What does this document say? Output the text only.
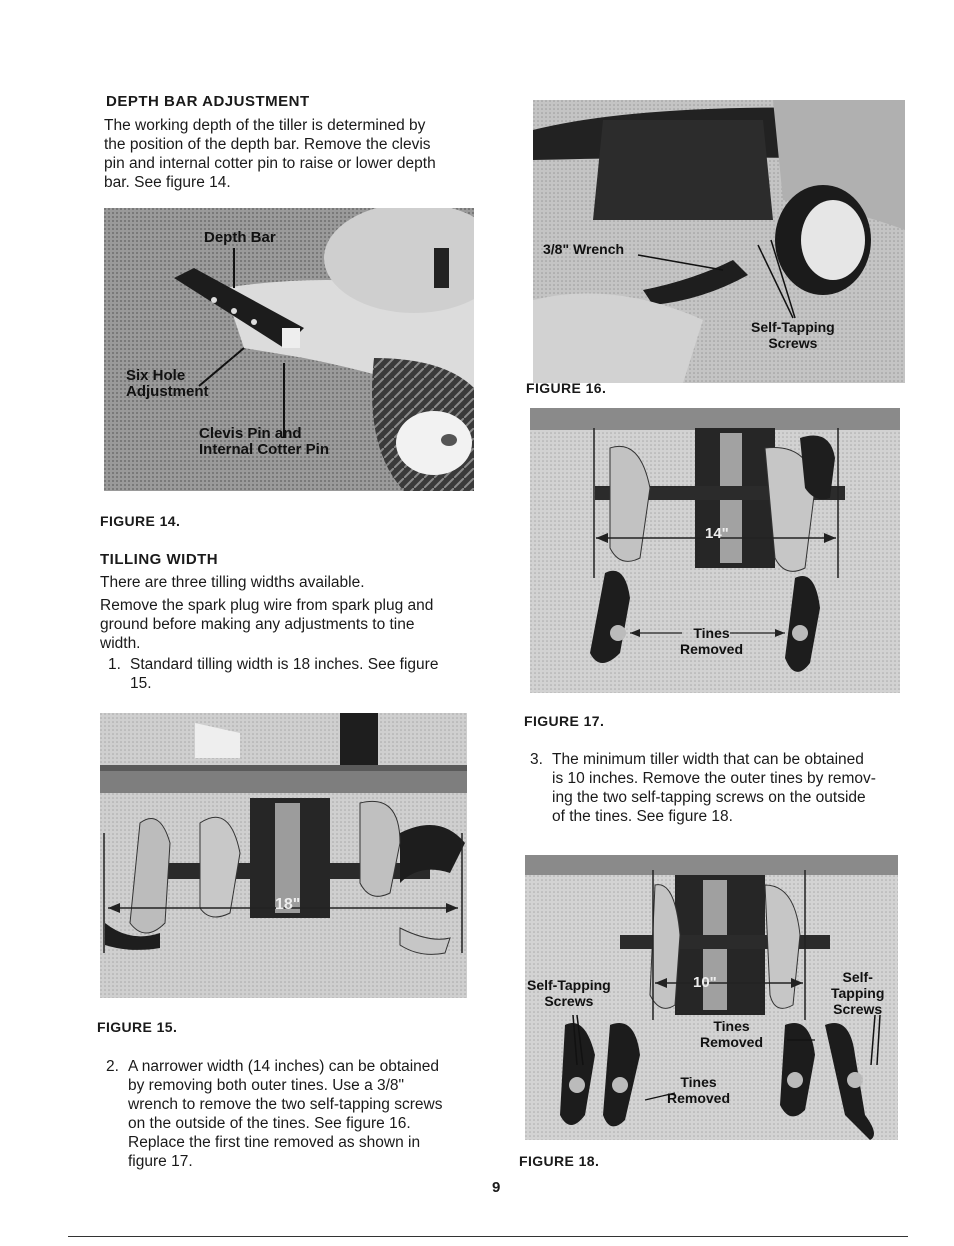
DEPTH BAR ADJUSTMENT
The working depth of the tiller is determined by
the position of the depth bar. Remove the clevis
pin and internal cotter pin to raise or lower depth
bar. See figure 14.
Depth Bar
Six Hole
Adjustment
Clevis Pin and
Internal Cotter Pin
FIGURE 14.
TILLING WIDTH
There are three tilling widths available.
Remove the spark plug wire from spark plug and
ground before making any adjustments to tine
width.
1. Standard tilling width is 18 inches. See figure
15.
18"
FIGURE 15.
2. A narrower width (14 inches) can be obtained
by removing both outer tines. Use a 3/8"
wrench to remove the two self-tapping screws
on the outside of the tines. See figure 16.
Replace the first tine removed as shown in
figure 17.
3/8" Wrench
Self-Tapping
Screws
FIGURE 16.
14"
Tines
Removed
FIGURE 17.
3. The minimum tiller width that can be obtained
is 10 inches. Remove the outer tines by remov-
ing the two self-tapping screws on the outside
of the tines. See figure 18.
10"
Self-Tapping
Screws
Self-
Tapping
Screws
Tines
Removed
Tines
Removed
FIGURE 18.
9
